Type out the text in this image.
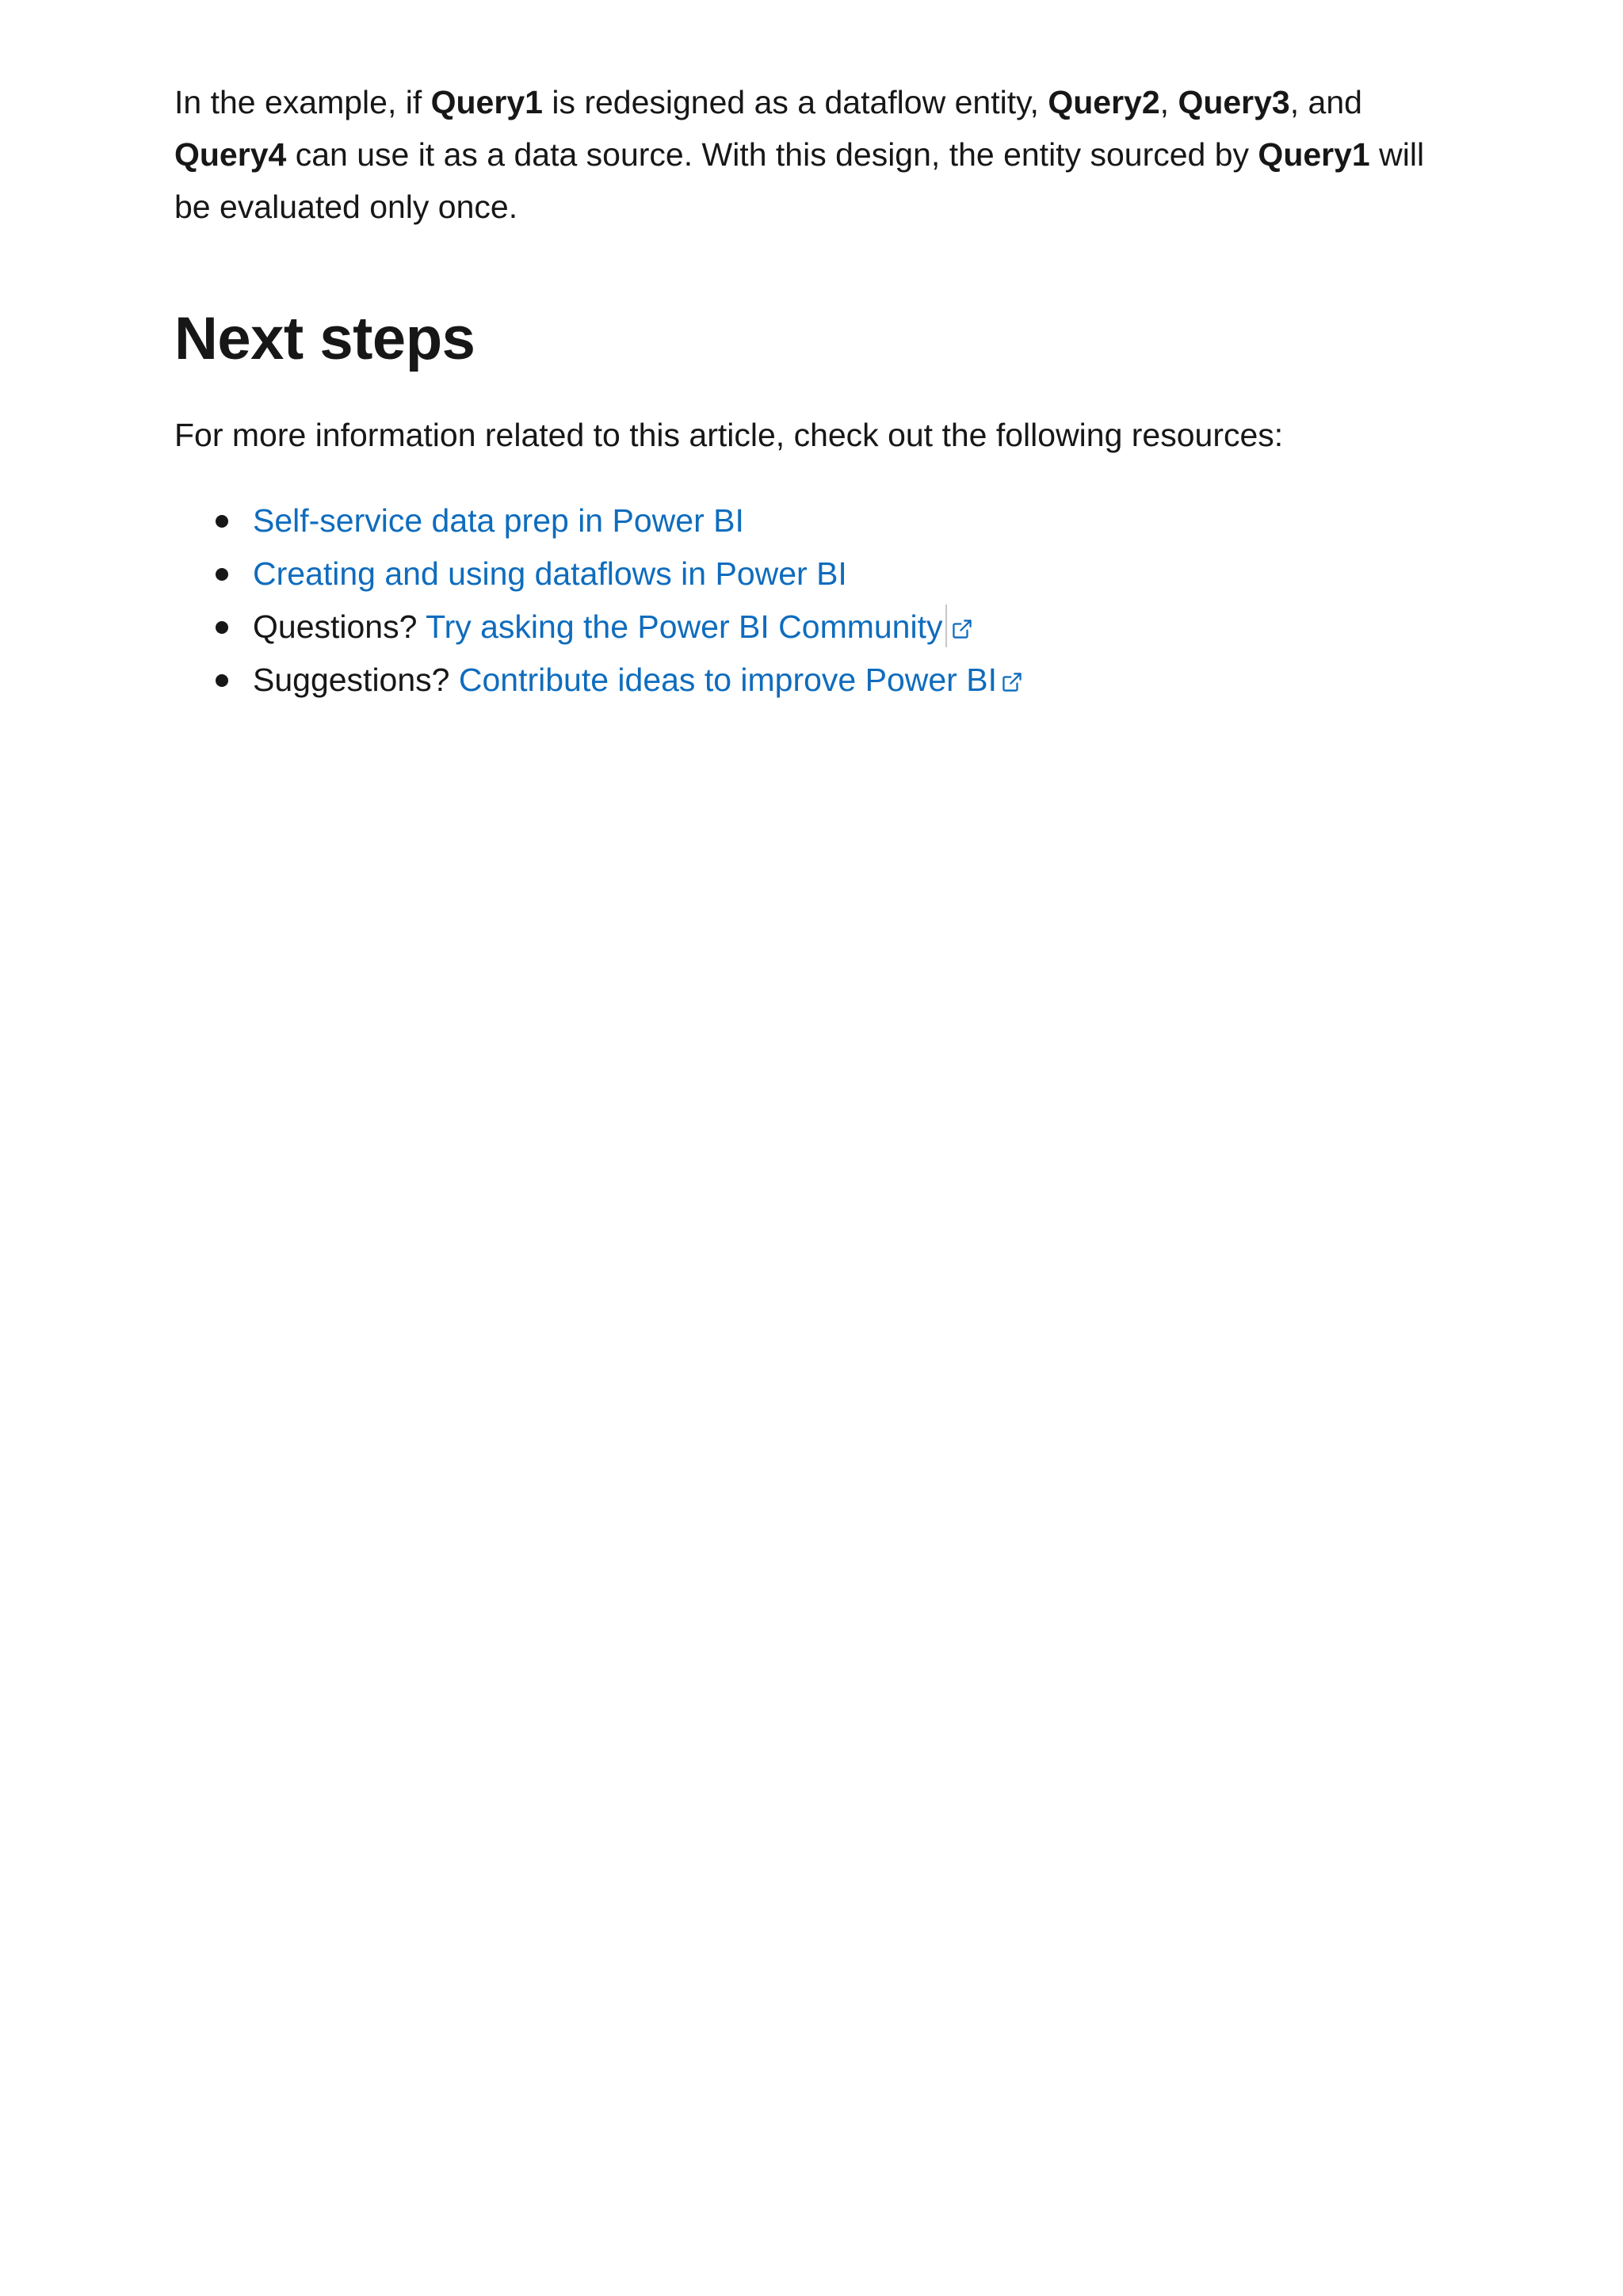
In the example, if Query1 is redesigned as a dataflow entity, Query2, Query3, and
Query4 can use it as a data source. With this design, the entity sourced by Query1 will be evaluated only once.

Next steps

For more information related to this article, check out the following resources:

Self-service data prep in Power BI
Creating and using dataflows in Power BI
Questions? Try asking the Power BI Community
Suggestions? Contribute ideas to improve Power BI
